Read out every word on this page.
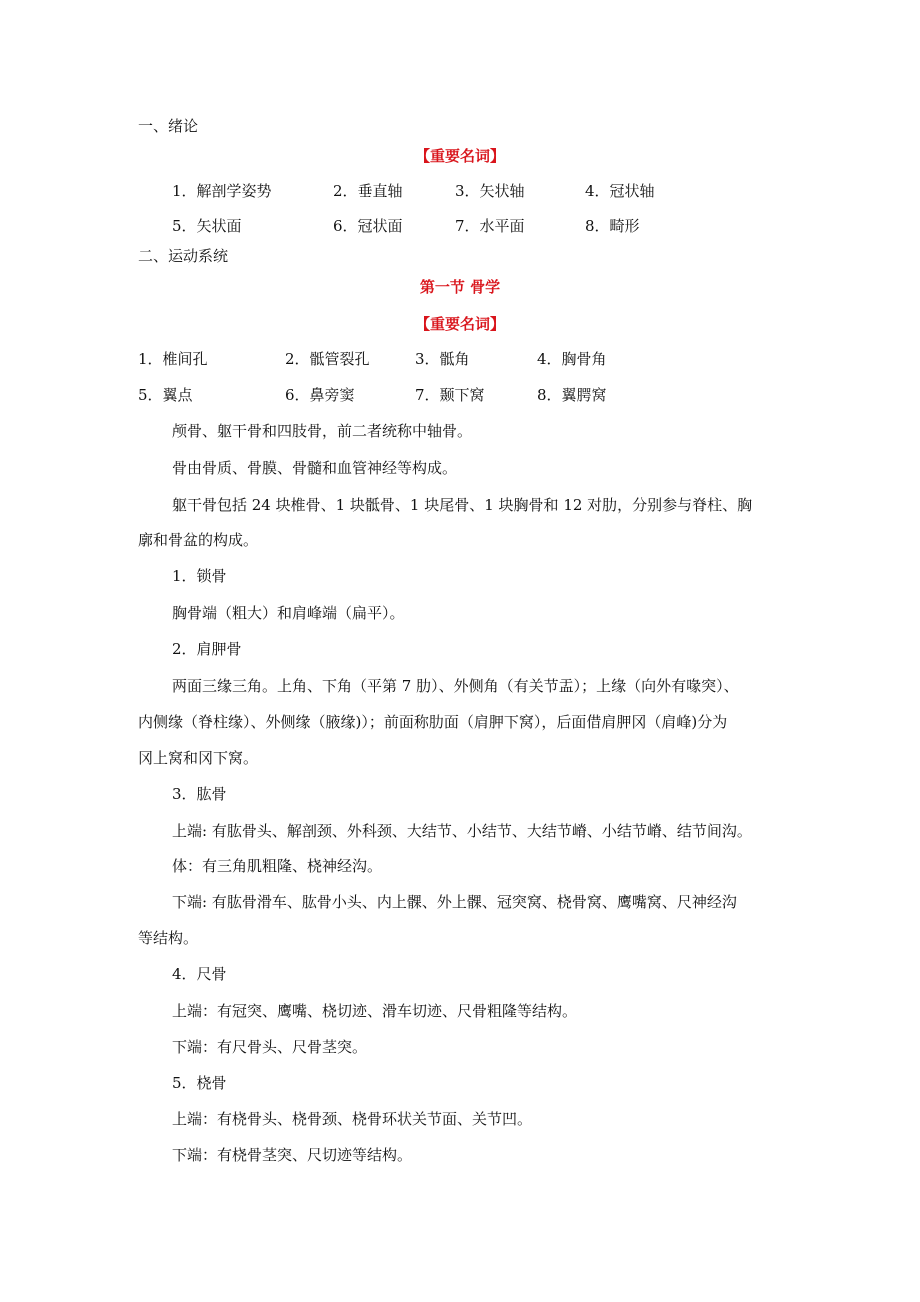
一、绪论
【重要名词】
1．解剖学姿势	2．垂直轴	3．矢状轴	4．冠状轴
5．矢状面	6．冠状面	7．水平面	8．畸形
二、运动系统
第一节 骨学
【重要名词】
1．椎间孔	2．骶管裂孔	3．骶角	4．胸骨角
5．翼点	6．鼻旁窦	7．颞下窝	8．翼腭窝
颅骨、躯干骨和四肢骨，前二者统称中轴骨。
骨由骨质、骨膜、骨髓和血管神经等构成。
躯干骨包括 24 块椎骨、1 块骶骨、1 块尾骨、1 块胸骨和 12 对肋，分别参与脊柱、胸
廓和骨盆的构成。
1．锁骨
胸骨端（粗大）和肩峰端（扁平）。
2．肩胛骨
两面三缘三角。上角、下角（平第 7 肋）、外侧角（有关节盂）；上缘（向外有喙突）、
内侧缘（脊柱缘）、外侧缘（腋缘)）；前面称肋面（肩胛下窝），后面借肩胛冈（肩峰)分为
冈上窝和冈下窝。
3．肱骨
上端: 有肱骨头、解剖颈、外科颈、大结节、小结节、大结节嵴、小结节嵴、结节间沟。
体：有三角肌粗隆、桡神经沟。
下端: 有肱骨滑车、肱骨小头、内上髁、外上髁、冠突窝、桡骨窝、鹰嘴窝、尺神经沟
等结构。
4．尺骨
上端：有冠突、鹰嘴、桡切迹、滑车切迹、尺骨粗隆等结构。
下端：有尺骨头、尺骨茎突。
5．桡骨
上端：有桡骨头、桡骨颈、桡骨环状关节面、关节凹。
下端：有桡骨茎突、尺切迹等结构。
